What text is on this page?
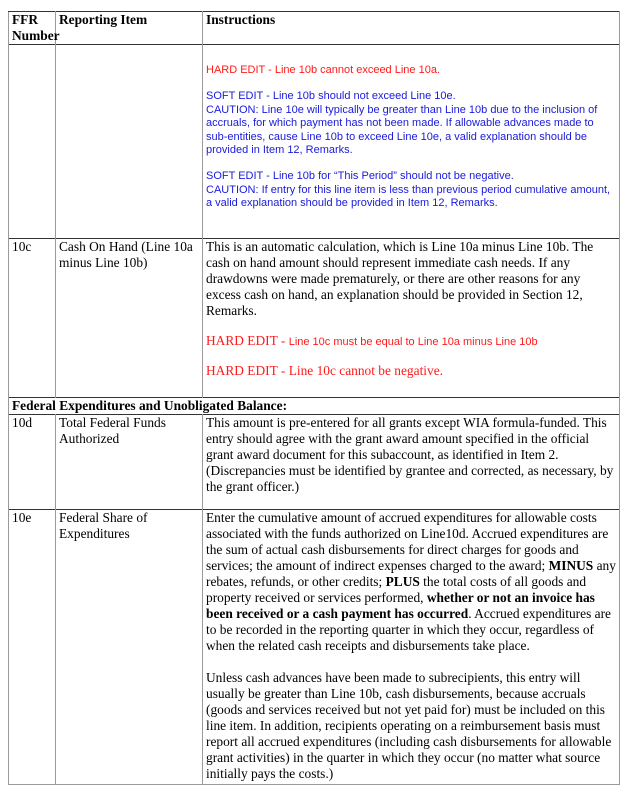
FFR Number	Reporting Item	Instructions

		HARD EDIT - Line 10b cannot exceed Line 10a.

SOFT EDIT - Line 10b should not exceed Line 10e.

CAUTION: Line 10e will typically be greater than Line 10b due to the inclusion of accruals, for which payment has not been made. If allowable advances made to sub-entities, cause Line 10b to exceed Line 10e, a valid explanation should be provided in Item 12, Remarks.

SOFT EDIT - Line 10b for “This Period” should not be negative.

CAUTION: If entry for this line item is less than previous period cumulative amount, a valid explanation should be provided in Item 12, Remarks.

10c	Cash On Hand (Line 10a minus Line 10b)	This is an automatic calculation, which is Line 10a minus Line 10b. The cash on hand amount should represent immediate cash needs. If any drawdowns were made prematurely, or there are other reasons for any excess cash on hand, an explanation should be provided in Section 12, Remarks.

HARD EDIT - Line 10c must be equal to Line 10a minus Line 10b

HARD EDIT - Line 10c cannot be negative.

Federal Expenditures and Unobligated Balance:		
10d	Total Federal Funds Authorized	This amount is pre-entered for all grants except WIA formula-funded. This entry should agree with the grant award amount specified in the official grant award document for this subaccount, as identified in Item 2. (Discrepancies must be identified by grantee and corrected, as necessary, by the grant officer.)
10e	Federal Share of Expenditures	Enter the cumulative amount of accrued expenditures for allowable costs associated with the funds authorized on Line10d. Accrued expenditures are the sum of actual cash disbursements for direct charges for goods and services; the amount of indirect expenses charged to the award; MINUS any rebates, refunds, or other credits; PLUS the total costs of all goods and property received or services performed, whether or not an invoice has been received or a cash payment has occurred. Accrued expenditures are to be recorded in the reporting quarter in which they occur, regardless of when the related cash receipts and disbursements take place.

Unless cash advances have been made to subrecipients, this entry will usually be greater than Line 10b, cash disbursements, because accruals (goods and services received but not yet paid for) must be included on this line item. In addition, recipients operating on a reimbursement basis must report all accrued expenditures (including cash disbursements for allowable grant activities) in the quarter in which they occur (no matter what source initially pays the costs.)
